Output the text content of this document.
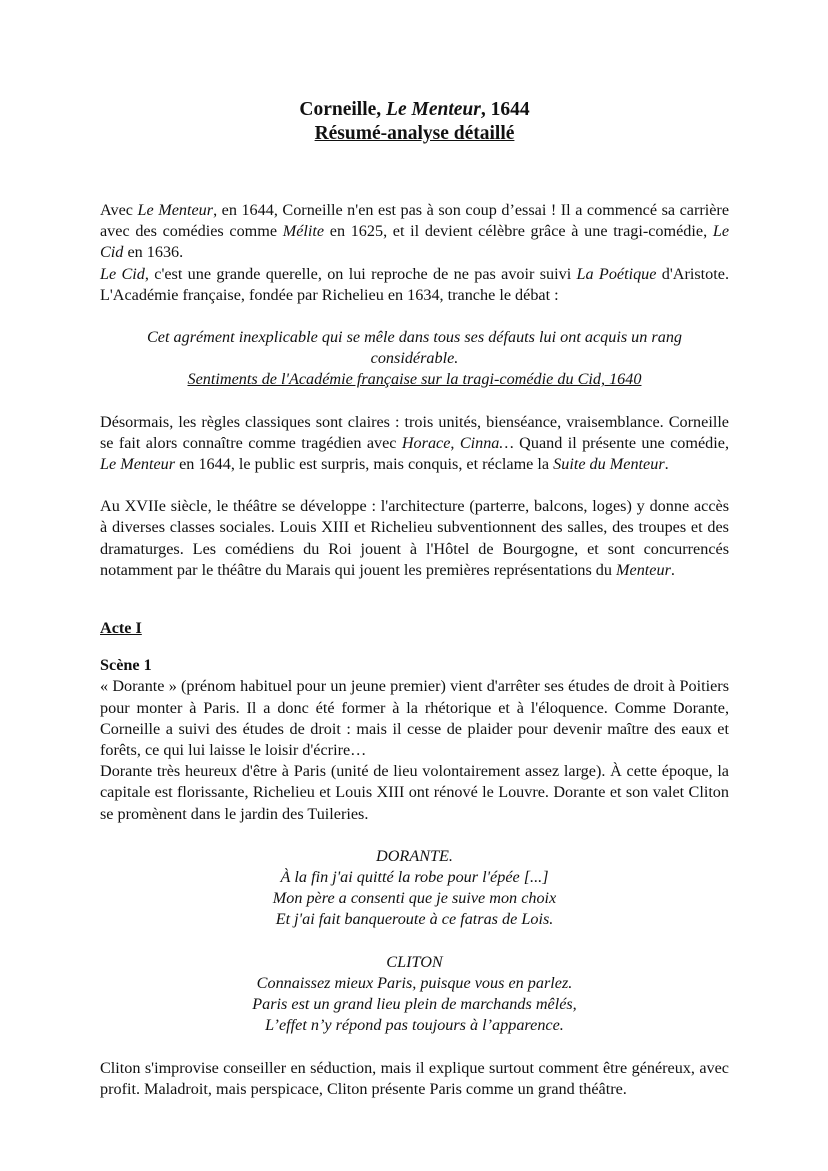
Corneille, Le Menteur, 1644

Résumé-analyse détaillé

Avec Le Menteur, en 1644, Corneille n'en est pas à son coup d’essai ! Il a commencé sa carrière avec des comédies comme Mélite en 1625, et il devient célèbre grâce à une tragi-comédie, Le Cid en 1636.

Le Cid, c'est une grande querelle, on lui reproche de ne pas avoir suivi La Poétique d'Aristote. L'Académie française, fondée par Richelieu en 1634, tranche le débat :

Cet agrément inexplicable qui se mêle dans tous ses défauts lui ont acquis un rang considérable.

Sentiments de l'Académie française sur la tragi-comédie du Cid, 1640

Désormais, les règles classiques sont claires : trois unités, bienséance, vraisemblance. Corneille se fait alors connaître comme tragédien avec Horace, Cinna… Quand il présente une comédie, Le Menteur en 1644, le public est surpris, mais conquis, et réclame la Suite du Menteur.

Au XVIIe siècle, le théâtre se développe : l'architecture (parterre, balcons, loges) y donne accès à diverses classes sociales. Louis XIII et Richelieu subventionnent des salles, des troupes et des dramaturges. Les comédiens du Roi jouent à l'Hôtel de Bourgogne, et sont concurrencés notamment par le théâtre du Marais qui jouent les premières représentations du Menteur.

Acte I

Scène 1

« Dorante » (prénom habituel pour un jeune premier) vient d'arrêter ses études de droit à Poitiers pour monter à Paris. Il a donc été former à la rhétorique et à l'éloquence. Comme Dorante, Corneille a suivi des études de droit : mais il cesse de plaider pour devenir maître des eaux et forêts, ce qui lui laisse le loisir d'écrire…

Dorante très heureux d'être à Paris (unité de lieu volontairement assez large). À cette époque, la capitale est florissante, Richelieu et Louis XIII ont rénové le Louvre. Dorante et son valet Cliton se promènent dans le jardin des Tuileries.

DORANTE.

À la fin j'ai quitté la robe pour l'épée [...]

Mon père a consenti que je suive mon choix

Et j'ai fait banqueroute à ce fatras de Lois.

CLITON

Connaissez mieux Paris, puisque vous en parlez.

Paris est un grand lieu plein de marchands mêlés,

L’effet n’y répond pas toujours à l’apparence.

Cliton s'improvise conseiller en séduction, mais il explique surtout comment être généreux, avec profit. Maladroit, mais perspicace, Cliton présente Paris comme un grand théâtre.
